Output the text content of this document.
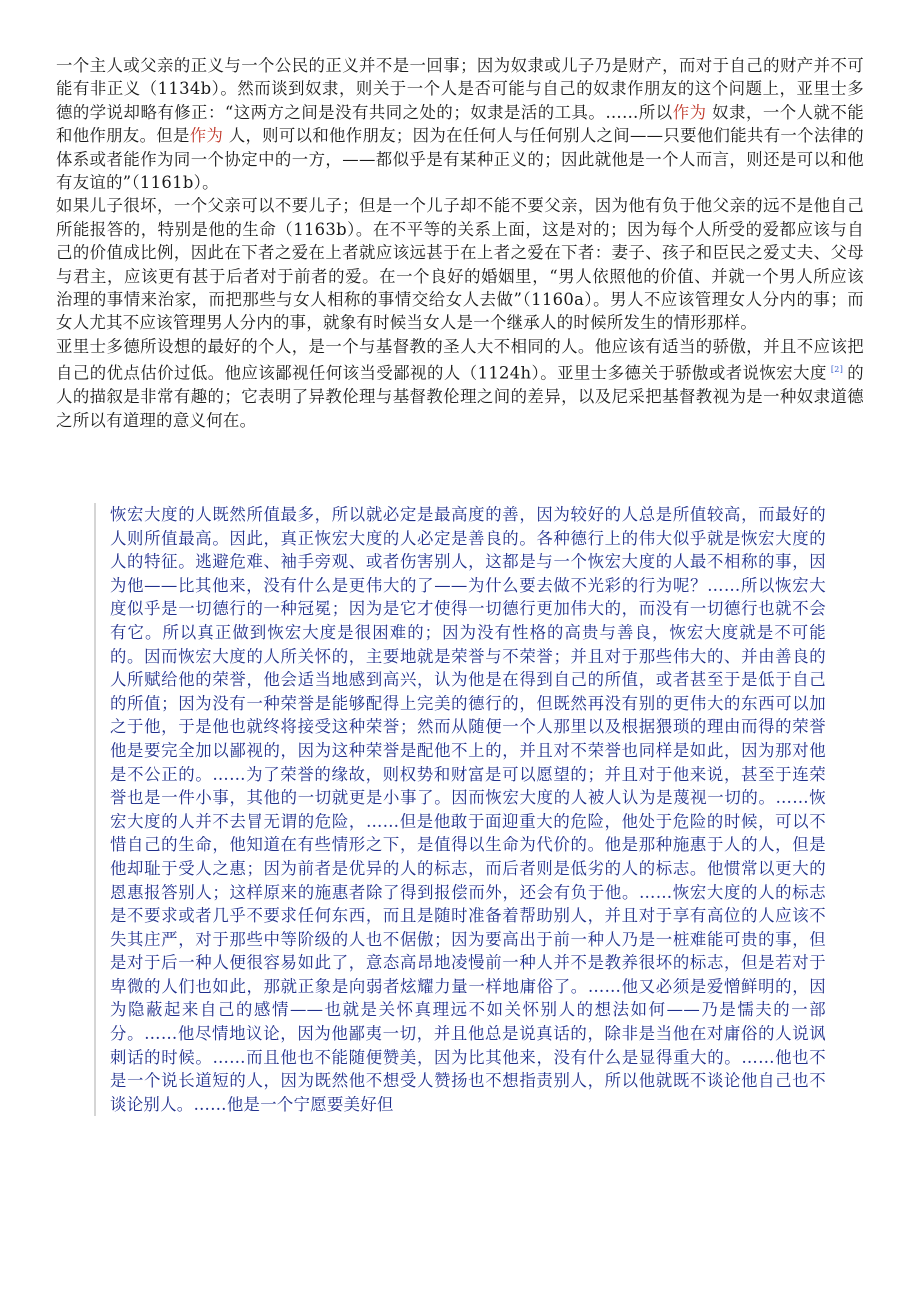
一个主人或父亲的正义与一个公民的正义并不是一回事；因为奴隶或儿子乃是财产，而对于自己的财产并不可能有非正义（1134b）。然而谈到奴隶，则关于一个人是否可能与自己的奴隶作朋友的这个问题上，亚里士多德的学说却略有修正：“这两方之间是没有共同之处的；奴隶是活的工具。……所以作为 奴隶，一个人就不能和他作朋友。但是作为 人，则可以和他作朋友；因为在任何人与任何别人之间——只要他们能共有一个法律的体系或者能作为同一个协定中的一方，——都似乎是有某种正义的；因此就他是一个人而言，则还是可以和他有友谊的”（1161b）。

如果儿子很坏，一个父亲可以不要儿子；但是一个儿子却不能不要父亲，因为他有负于他父亲的远不是他自己所能报答的，特别是他的生命（1163b）。在不平等的关系上面，这是对的；因为每个人所受的爱都应该与自己的价值成比例，因此在下者之爱在上者就应该远甚于在上者之爱在下者：妻子、孩子和臣民之爱丈夫、父母与君主，应该更有甚于后者对于前者的爱。在一个良好的婚姻里，“男人依照他的价值、并就一个男人所应该治理的事情来治家，而把那些与女人相称的事情交给女人去做”（1160a）。男人不应该管理女人分内的事；而女人尤其不应该管理男人分内的事，就象有时候当女人是一个继承人的时候所发生的情形那样。

亚里士多德所设想的最好的个人，是一个与基督教的圣人大不相同的人。他应该有适当的骄傲，并且不应该把自己的优点估价过低。他应该鄙视任何该当受鄙视的人（1124h）。亚里士多德关于骄傲或者说恢宏大度 [2] 的人的描叙是非常有趣的；它表明了异教伦理与基督教伦理之间的差异，以及尼采把基督教视为是一种奴隶道德之所以有道理的意义何在。

恢宏大度的人既然所值最多，所以就必定是最高度的善，因为较好的人总是所值较高，而最好的人则所值最高。因此，真正恢宏大度的人必定是善良的。各种德行上的伟大似乎就是恢宏大度的人的特征。逃避危难、袖手旁观、或者伤害别人，这都是与一个恢宏大度的人最不相称的事，因为他——比其他来，没有什么是更伟大的了——为什么要去做不光彩的行为呢？……所以恢宏大度似乎是一切德行的一种冠冕；因为是它才使得一切德行更加伟大的，而没有一切德行也就不会有它。所以真正做到恢宏大度是很困难的；因为没有性格的高贵与善良，恢宏大度就是不可能的。因而恢宏大度的人所关怀的，主要地就是荣誉与不荣誉；并且对于那些伟大的、并由善良的人所赋给他的荣誉，他会适当地感到高兴，认为他是在得到自己的所值，或者甚至于是低于自己的所值；因为没有一种荣誉是能够配得上完美的德行的，但既然再没有别的更伟大的东西可以加之于他，于是他也就终将接受这种荣誉；然而从随便一个人那里以及根据猥琐的理由而得的荣誉他是要完全加以鄙视的，因为这种荣誉是配他不上的，并且对不荣誉也同样是如此，因为那对他是不公正的。……为了荣誉的缘故，则权势和财富是可以愿望的；并且对于他来说，甚至于连荣誉也是一件小事，其他的一切就更是小事了。因而恢宏大度的人被人认为是蔑视一切的。……恢宏大度的人并不去冒无谓的危险，……但是他敢于面迎重大的危险，他处于危险的时候，可以不惜自己的生命，他知道在有些情形之下，是值得以生命为代价的。他是那种施惠于人的人，但是他却耻于受人之惠；因为前者是优异的人的标志，而后者则是低劣的人的标志。他惯常以更大的恩惠报答别人；这样原来的施惠者除了得到报偿而外，还会有负于他。……恢宏大度的人的标志是不要求或者几乎不要求任何东西，而且是随时准备着帮助别人，并且对于享有高位的人应该不失其庄严，对于那些中等阶级的人也不倨傲；因为要高出于前一种人乃是一桩难能可贵的事，但是对于后一种人便很容易如此了，意态高昂地凌慢前一种人并不是教养很坏的标志，但是若对于卑微的人们也如此，那就正象是向弱者炫耀力量一样地庸俗了。……他又必须是爱憎鲜明的，因为隐蔽起来自己的感情——也就是关怀真理远不如关怀别人的想法如何——乃是懦夫的一部分。……他尽情地议论，因为他鄙夷一切，并且他总是说真话的，除非是当他在对庸俗的人说讽刺话的时候。……而且他也不能随便赞美，因为比其他来，没有什么是显得重大的。……他也不是一个说长道短的人，因为既然他不想受人赞扬也不想指责别人，所以他就既不谈论他自己也不谈论别人。……他是一个宁愿要美好但
